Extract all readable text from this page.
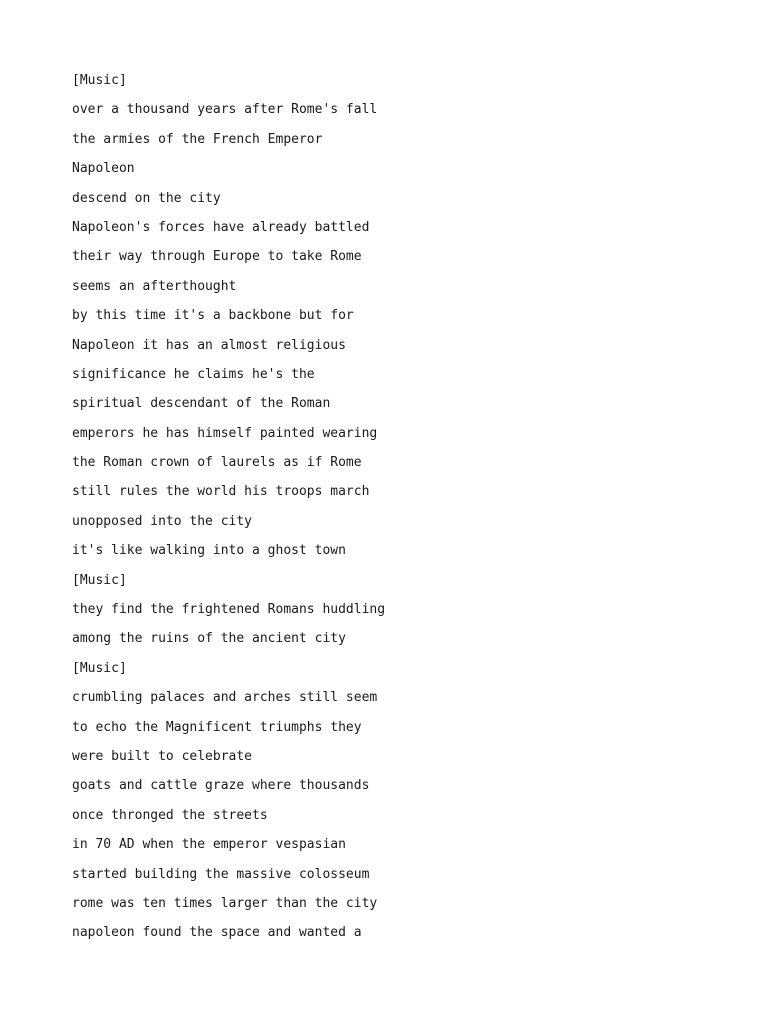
[Music]
over a thousand years after Rome's fall
the armies of the French Emperor
Napoleon
descend on the city
Napoleon's forces have already battled
their way through Europe to take Rome
seems an afterthought
by this time it's a backbone but for
Napoleon it has an almost religious
significance he claims he's the
spiritual descendant of the Roman
emperors he has himself painted wearing
the Roman crown of laurels as if Rome
still rules the world his troops march
unopposed into the city
it's like walking into a ghost town
[Music]
they find the frightened Romans huddling
among the ruins of the ancient city
[Music]
crumbling palaces and arches still seem
to echo the Magnificent triumphs they
were built to celebrate
goats and cattle graze where thousands
once thronged the streets
in 70 AD when the emperor vespasian
started building the massive colosseum
rome was ten times larger than the city
napoleon found the space and wanted a
